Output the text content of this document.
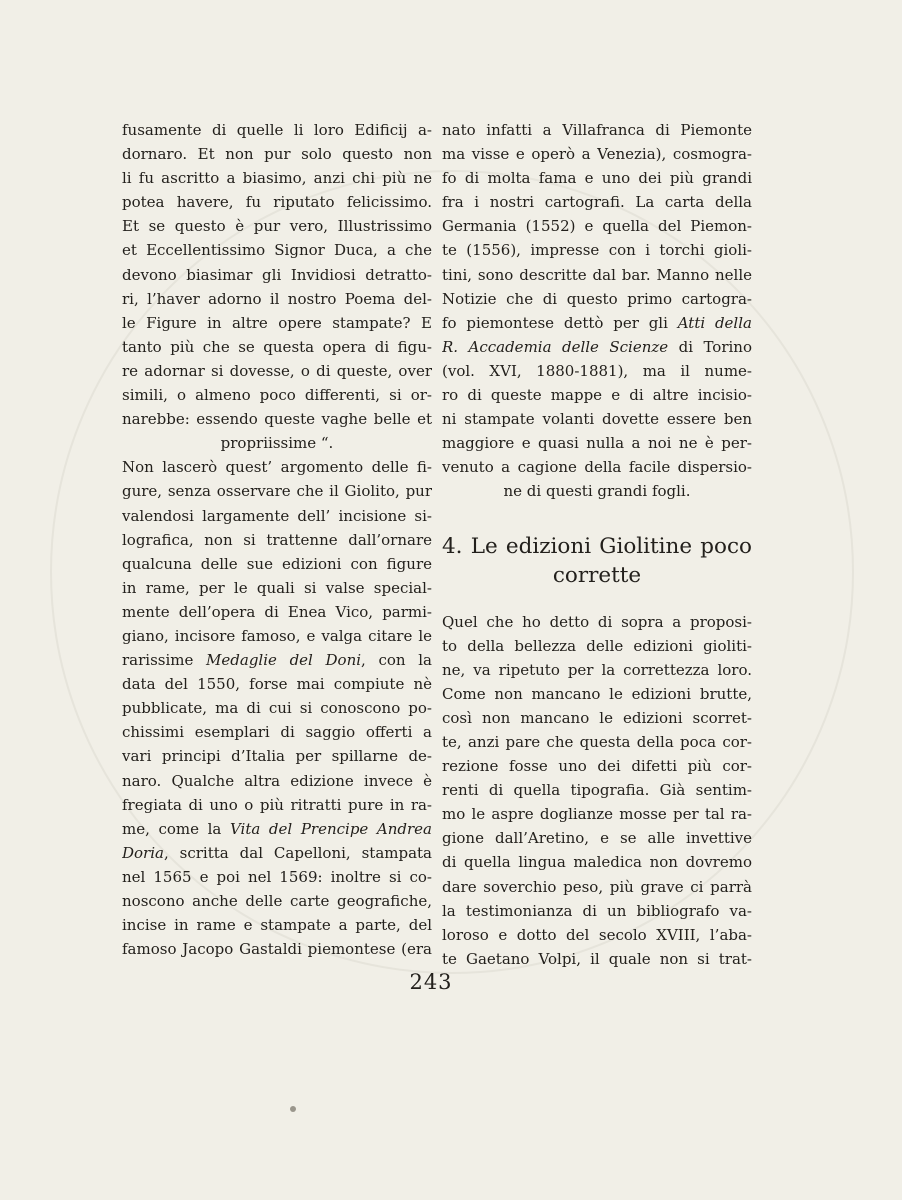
fusamente di quelle li loro Edificij a-
dornaro. Et non pur solo questo non
li fu ascritto a biasimo, anzi chi più ne
potea havere, fu riputato felicissimo.
Et se questo è pur vero, Illustrissimo
et Eccellentissimo Signor Duca, a che
devono biasimar gli Invidiosi detratto-
ri, l’haver adorno il nostro Poema del-
le Figure in altre opere stampate? E
tanto più che se questa opera di figu-
re adornar si dovesse, o di queste, over
simili, o almeno poco differenti, si or-
narebbe: essendo queste vaghe belle et
propriissime “.
Non lascerò quest’ argomento delle fi-
gure, senza osservare che il Giolito, pur
valendosi largamente dell’ incisione si-
lografica, non si trattenne dall’ornare
qualcuna delle sue edizioni con figure
in rame, per le quali si valse special-
mente dell’opera di Enea Vico, parmi-
giano, incisore famoso, e valga citare le
rarissime Medaglie del Doni, con la
data del 1550, forse mai compiute nè
pubblicate, ma di cui si conoscono po-
chissimi esemplari di saggio offerti a
vari principi d’Italia per spillarne de-
naro. Qualche altra edizione invece è
fregiata di uno o più ritratti pure in ra-
me, come la Vita del Prencipe Andrea
Doria, scritta dal Capelloni, stampata
nel 1565 e poi nel 1569: inoltre si co-
noscono anche delle carte geografiche,
incise in rame e stampate a parte, del
famoso Jacopo Gastaldi piemontese (era
nato infatti a Villafranca di Piemonte
ma visse e operò a Venezia), cosmogra-
fo di molta fama e uno dei più grandi
fra i nostri cartografi. La carta della
Germania (1552) e quella del Piemon-
te (1556), impresse con i torchi gioli-
tini, sono descritte dal bar. Manno nelle
Notizie che di questo primo cartogra-
fo piemontese dettò per gli Atti della
R. Accademia delle Scienze di Torino
(vol. XVI, 1880-1881), ma il nume-
ro di queste mappe e di altre incisio-
ni stampate volanti dovette essere ben
maggiore e quasi nulla a noi ne è per-
venuto a cagione della facile dispersio-
ne di questi grandi fogli.
4. Le edizioni Giolitine poco
corrette
Quel che ho detto di sopra a proposi-
to della bellezza delle edizioni gioliti-
ne, va ripetuto per la correttezza loro.
Come non mancano le edizioni brutte,
così non mancano le edizioni scorret-
te, anzi pare che questa della poca cor-
rezione fosse uno dei difetti più cor-
renti di quella tipografia. Già sentim-
mo le aspre doglianze mosse per tal ra-
gione dall’Aretino, e se alle invettive
di quella lingua maledica non dovremo
dare soverchio peso, più grave ci parrà
la testimonianza di un bibliografo va-
loroso e dotto del secolo XVIII, l’aba-
te Gaetano Volpi, il quale non si trat-
243
